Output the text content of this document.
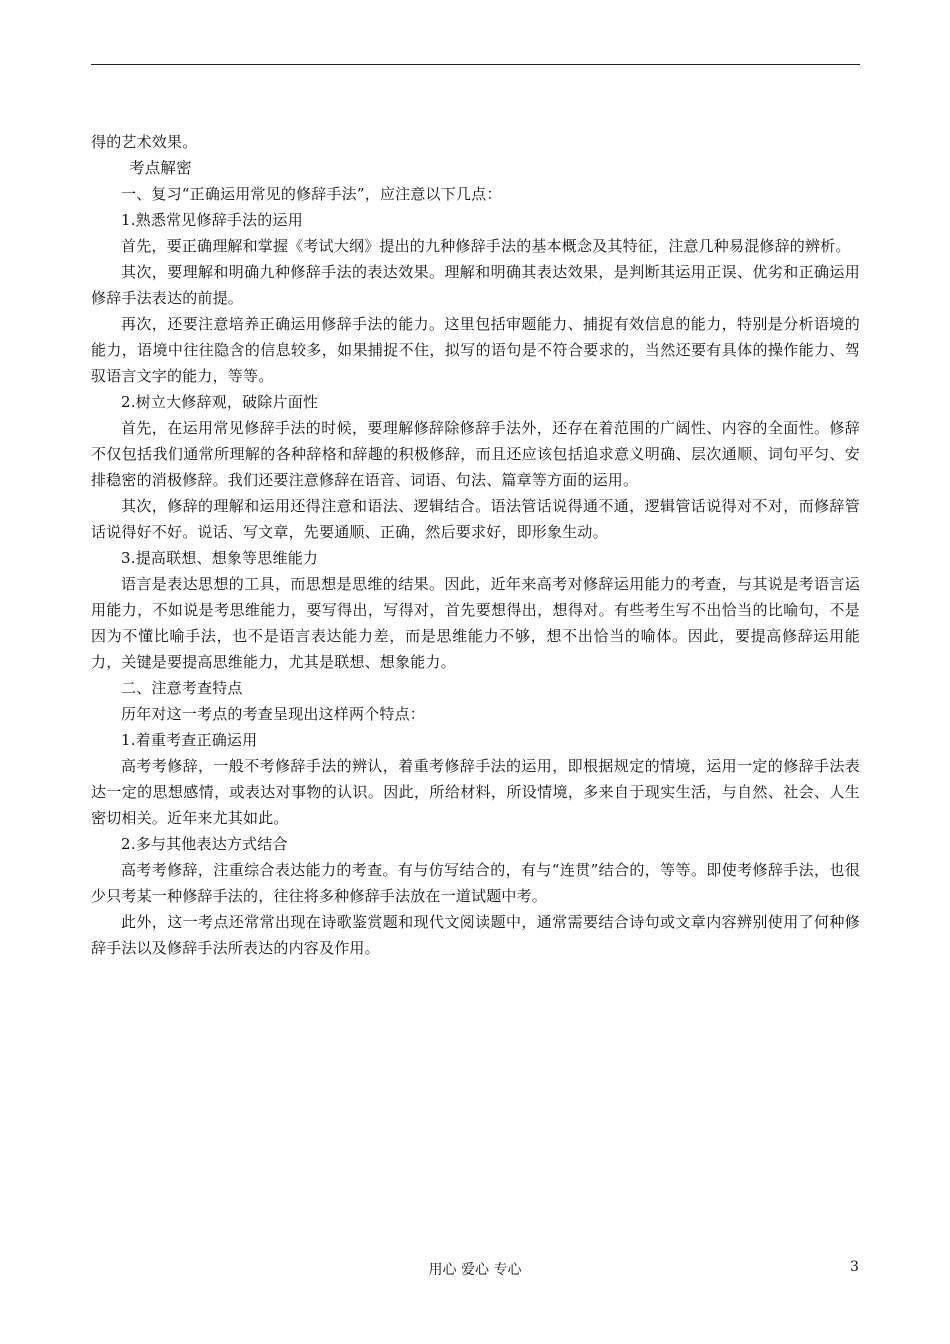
得的艺术效果。

考点解密

一、复习“正确运用常见的修辞手法”，应注意以下几点：

1.熟悉常见修辞手法的运用

首先，要正确理解和掌握《考试大纲》提出的九种修辞手法的基本概念及其特征，注意几种易混修辞的辨析。

其次，要理解和明确九种修辞手法的表达效果。理解和明确其表达效果，是判断其运用正误、优劣和正确运用修辞手法表达的前提。

再次，还要注意培养正确运用修辞手法的能力。这里包括审题能力、捕捉有效信息的能力，特别是分析语境的能力，语境中往往隐含的信息较多，如果捕捉不住，拟写的语句是不符合要求的，当然还要有具体的操作能力、驾驭语言文字的能力，等等。

2.树立大修辞观，破除片面性

首先，在运用常见修辞手法的时候，要理解修辞除修辞手法外，还存在着范围的广阔性、内容的全面性。修辞不仅包括我们通常所理解的各种辞格和辞趣的积极修辞，而且还应该包括追求意义明确、层次通顺、词句平匀、安排稳密的消极修辞。我们还要注意修辞在语音、词语、句法、篇章等方面的运用。

其次，修辞的理解和运用还得注意和语法、逻辑结合。语法管话说得通不通，逻辑管话说得对不对，而修辞管话说得好不好。说话、写文章，先要通顺、正确，然后要求好，即形象生动。

3.提高联想、想象等思维能力

语言是表达思想的工具，而思想是思维的结果。因此，近年来高考对修辞运用能力的考查，与其说是考语言运用能力，不如说是考思维能力，要写得出，写得对，首先要想得出，想得对。有些考生写不出恰当的比喻句，不是因为不懂比喻手法，也不是语言表达能力差，而是思维能力不够，想不出恰当的喻体。因此，要提高修辞运用能力，关键是要提高思维能力，尤其是联想、想象能力。

二、注意考查特点

历年对这一考点的考查呈现出这样两个特点：

1.着重考查正确运用

高考考修辞，一般不考修辞手法的辨认，着重考修辞手法的运用，即根据规定的情境，运用一定的修辞手法表达一定的思想感情，或表达对事物的认识。因此，所给材料，所设情境，多来自于现实生活，与自然、社会、人生密切相关。近年来尤其如此。

2.多与其他表达方式结合

高考考修辞，注重综合表达能力的考查。有与仿写结合的，有与“连贯”结合的，等等。即使考修辞手法，也很少只考某一种修辞手法的，往往将多种修辞手法放在一道试题中考。

此外，这一考点还常常出现在诗歌鉴赏题和现代文阅读题中，通常需要结合诗句或文章内容辨别使用了何种修辞手法以及修辞手法所表达的内容及作用。

用心 爱心 专心	3
